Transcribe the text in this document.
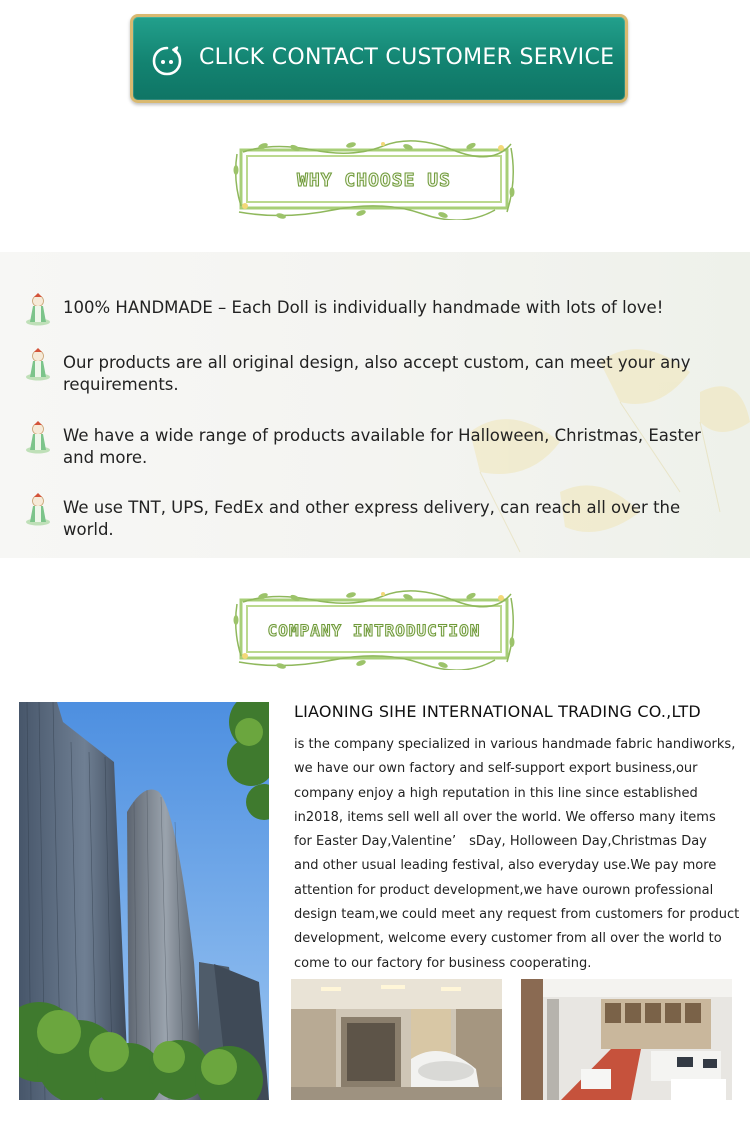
CLICK CONTACT CUSTOMER SERVICE
WHY CHOOSE US
100% HANDMADE – Each Doll is individually handmade with lots of love!
Our products are all original design, also accept custom, can meet your any requirements.
We have a wide range of products available for Halloween, Christmas, Easter and more.
We use TNT, UPS, FedEx and other express delivery, can reach all over the world.
COMPANY INTRODUCTION
LIAONING SIHE INTERNATIONAL TRADING CO.,LTD
is the company specialized in various handmade fabric handiworks,
we have our own factory and self-support export business,our
company enjoy a high reputation in this line since established
in2018, items sell well all over the world. We offerso many items
for Easter Day,Valentine’ sDay, Holloween Day,Christmas Day
and other usual leading festival, also everyday use.We pay more
attention for product development,we have ourown professional
design team,we could meet any request from customers for product
development, welcome every customer from all over the world to
come to our factory for business cooperating.
